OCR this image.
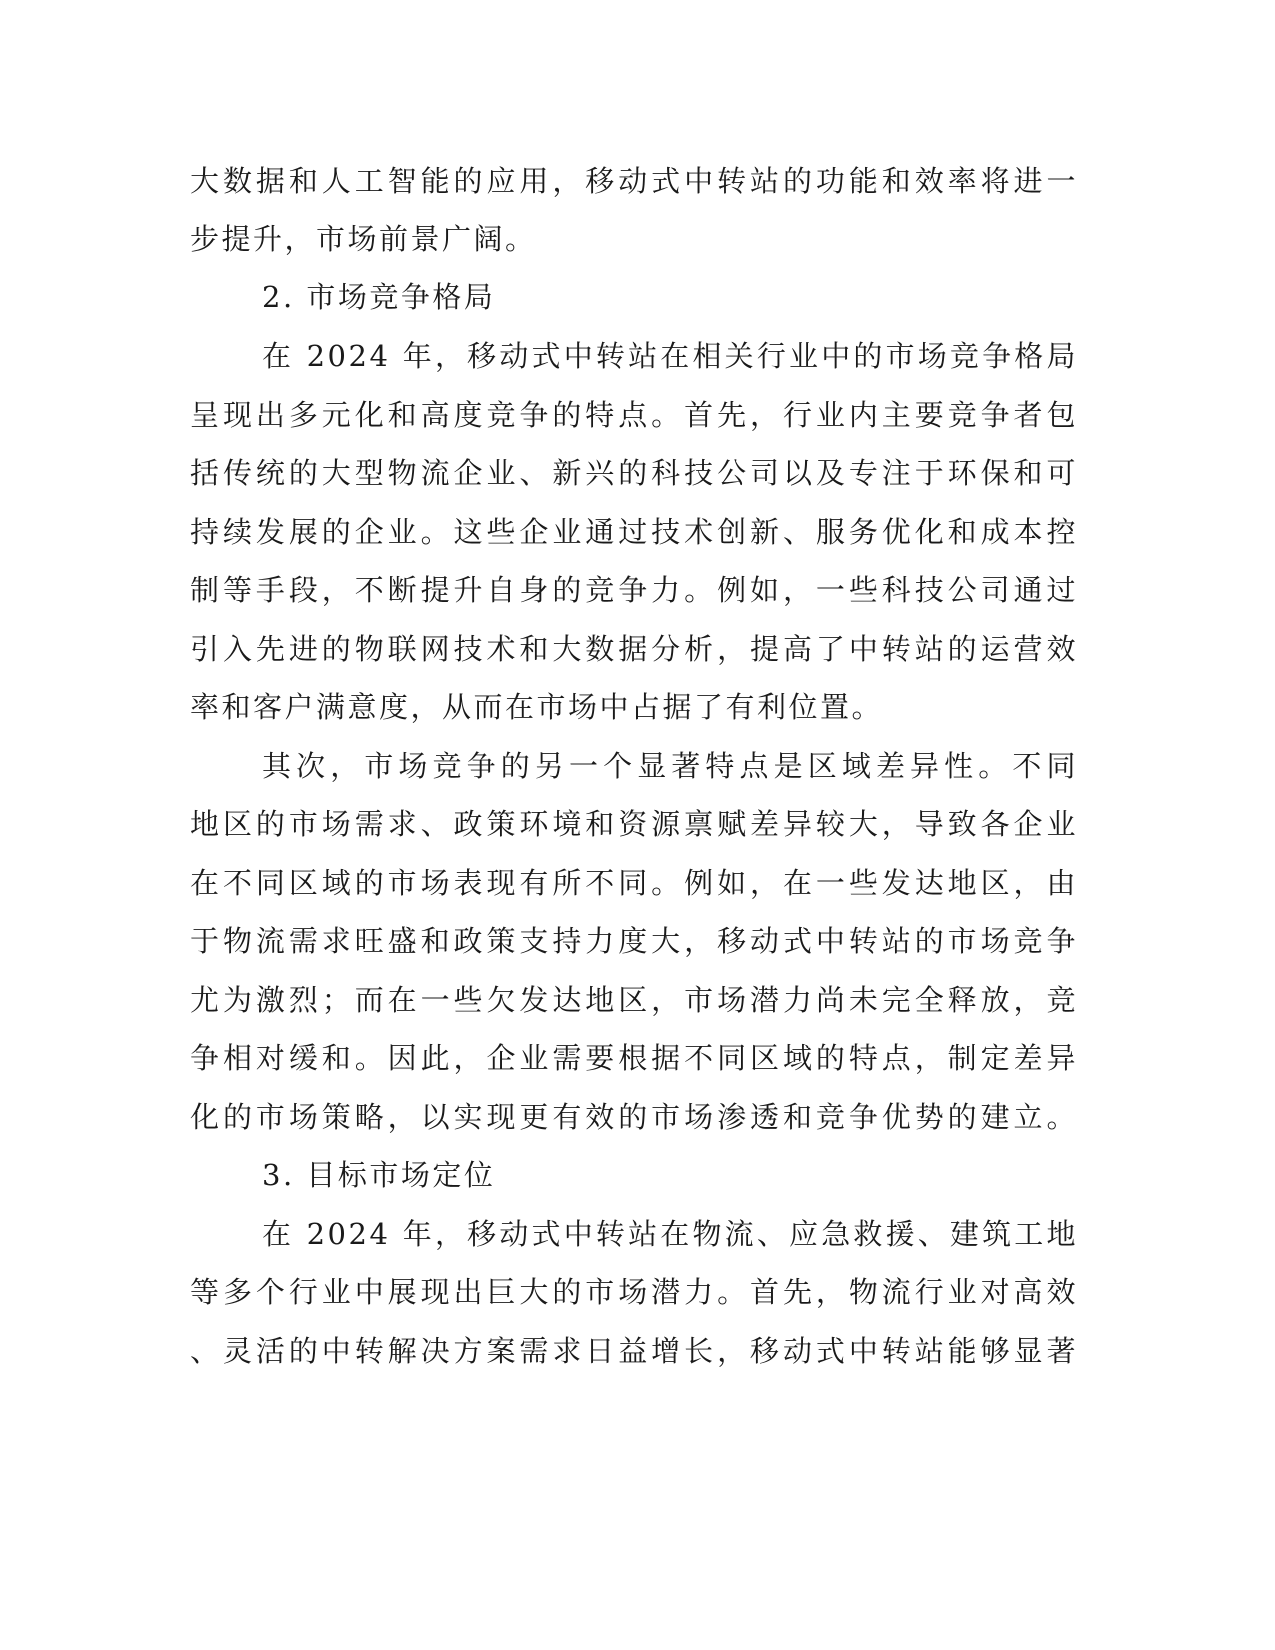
大数据和人工智能的应用，移动式中转站的功能和效率将进一
步提升，市场前景广阔。
2. 市场竞争格局
在 2024 年，移动式中转站在相关行业中的市场竞争格局
呈现出多元化和高度竞争的特点。首先，行业内主要竞争者包
括传统的大型物流企业、新兴的科技公司以及专注于环保和可
持续发展的企业。这些企业通过技术创新、服务优化和成本控
制等手段，不断提升自身的竞争力。例如，一些科技公司通过
引入先进的物联网技术和大数据分析，提高了中转站的运营效
率和客户满意度，从而在市场中占据了有利位置。
其次，市场竞争的另一个显著特点是区域差异性。不同
地区的市场需求、政策环境和资源禀赋差异较大，导致各企业
在不同区域的市场表现有所不同。例如，在一些发达地区，由
于物流需求旺盛和政策支持力度大，移动式中转站的市场竞争
尤为激烈；而在一些欠发达地区，市场潜力尚未完全释放，竞
争相对缓和。因此，企业需要根据不同区域的特点，制定差异
化的市场策略，以实现更有效的市场渗透和竞争优势的建立。
3. 目标市场定位
在 2024 年，移动式中转站在物流、应急救援、建筑工地
等多个行业中展现出巨大的市场潜力。首先，物流行业对高效
、灵活的中转解决方案需求日益增长，移动式中转站能够显著
